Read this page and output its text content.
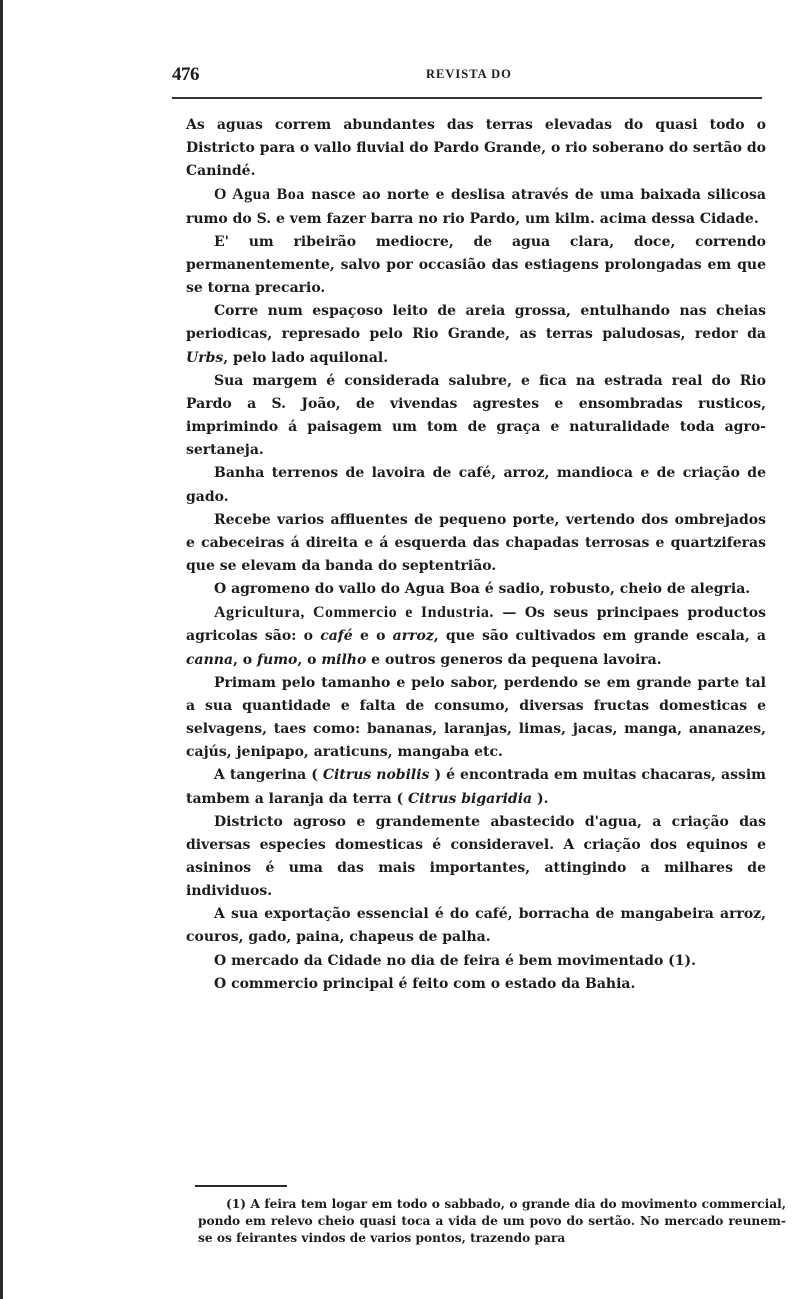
476	REVISTA DO

As aguas correm abundantes das terras elevadas do quasi todo o Districto para o vallo fluvial do Pardo Grande, o rio soberano do sertão do Canindé.

O Agua Boa nasce ao norte e deslisa através de uma baixada silicosa rumo do S. e vem fazer barra no rio Pardo, um kilm. acima dessa Cidade.

E' um ribeirão mediocre, de agua clara, doce, correndo permanentemente, salvo por occasião das estiagens prolongadas em que se torna precario.

Corre num espaçoso leito de areia grossa, entulhando nas cheias periodicas, represado pelo Rio Grande, as terras paludosas, redor da Urbs, pelo lado aquilonal.

Sua margem é considerada salubre, e fica na estrada real do Rio Pardo a S. João, de vivendas agrestes e ensombradas rusticos, imprimindo á paisagem um tom de graça e naturalidade toda agro-sertaneja.

Banha terrenos de lavoira de café, arroz, mandioca e de criação de gado.

Recebe varios affluentes de pequeno porte, vertendo dos ombrejados e cabeceiras á direita e á esquerda das chapadas terrosas e quartziferas que se elevam da banda do septentrião.

O agromeno do vallo do Agua Boa é sadio, robusto, cheio de alegria.

Agricultura, Commercio e Industria. — Os seus principaes productos agricolas são: o café e o arroz, que são cultivados em grande escala, a canna, o fumo, o milho e outros generos da pequena lavoira.

Primam pelo tamanho e pelo sabor, perdendo se em grande parte tal a sua quantidade e falta de consumo, diversas fructas domesticas e selvagens, taes como: bananas, laranjas, limas, jacas, manga, ananazes, cajús, jenipapo, araticuns, mangaba etc.

A tangerina ( Citrus nobilis ) é encontrada em muitas chacaras, assim tambem a laranja da terra ( Citrus bigaridia ).

Districto agroso e grandemente abastecido d'agua, a criação das diversas especies domesticas é consideravel. A criação dos equinos e asininos é uma das mais importantes, attingindo a milhares de individuos.

A sua exportação essencial é do café, borracha de mangabeira arroz, couros, gado, paina, chapeus de palha.

O mercado da Cidade no dia de feira é bem movimentado (1).

O commercio principal é feito com o estado da Bahia.

(1) A feira tem logar em todo o sabbado, o grande dia do movimento commercial, pondo em relevo cheio quasi toca a vida de um povo do sertão. No mercado reunem-se os feirantes vindos de varios pontos, trazendo para
